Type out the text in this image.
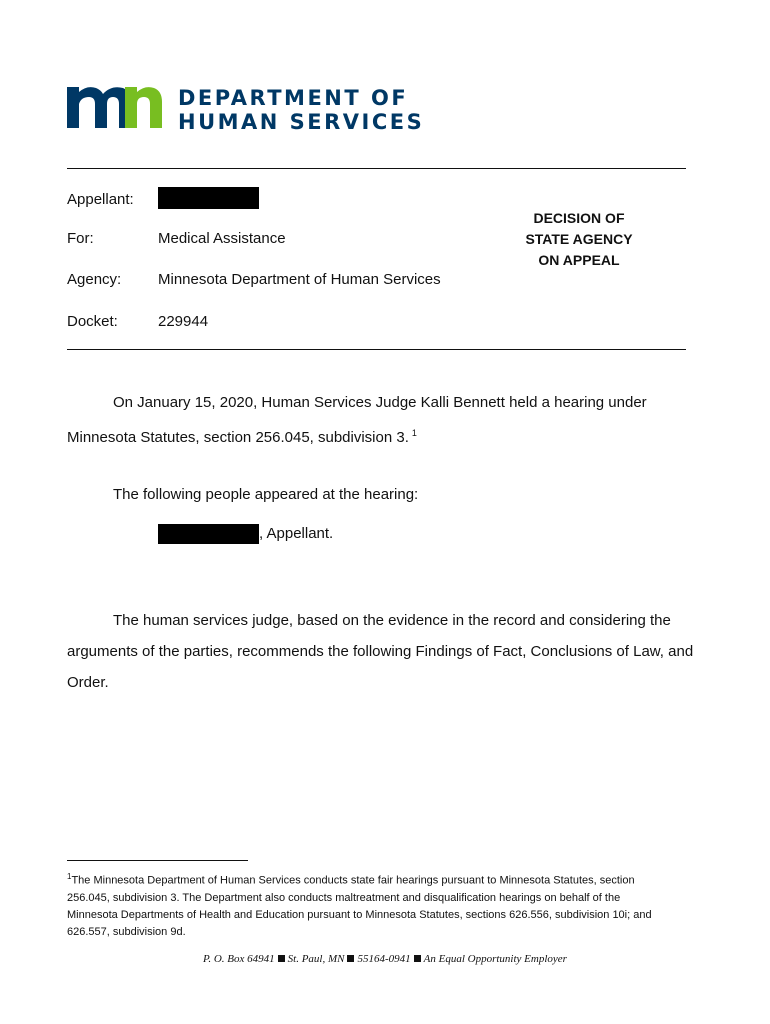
DEPARTMENT OF
HUMAN SERVICES
Appellant:
For:	Medical Assistance
Agency: Minnesota Department of Human Services
Docket:	229944
DECISION OF
STATE AGENCY
ON APPEAL
On January 15, 2020, Human Services Judge Kalli Bennett held a hearing under
Minnesota Statutes, section 256.045, subdivision 3. $^1$
The following people appeared at the hearing:
, Appellant.
The human services judge, based on the evidence in the record and considering the
arguments of the parties, recommends the following Findings of Fact, Conclusions of Law, and
Order.
$^1$The Minnesota Department of Human Services conducts state fair hearings pursuant to Minnesota Statutes, section
256.045, subdivision 3. The Department also conducts maltreatment and disqualification hearings on behalf of the
Minnesota Departments of Health and Education pursuant to Minnesota Statutes, sections 626.556, subdivision 10i; and
626.557, subdivision 9d.
P. O. Box 64941 St. Paul, MN 55164-0941 An Equal Opportunity Employer
